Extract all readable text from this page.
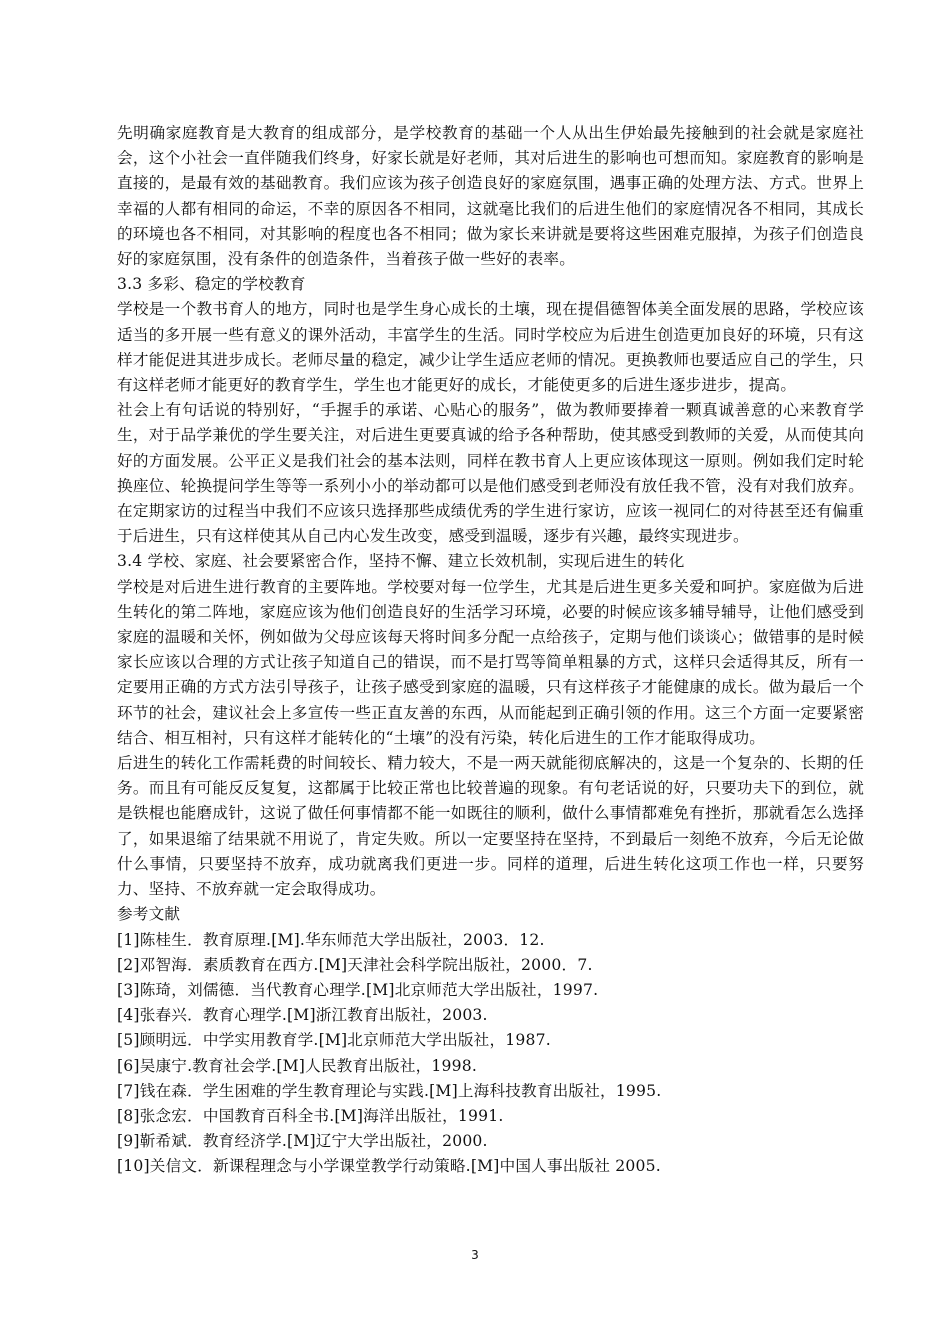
先明确家庭教育是大教育的组成部分，是学校教育的基础一个人从出生伊始最先接触到的社会就是家庭社会，这个小社会一直伴随我们终身，好家长就是好老师，其对后进生的影响也可想而知。家庭教育的影响是直接的，是最有效的基础教育。我们应该为孩子创造良好的家庭氛围，遇事正确的处理方法、方式。世界上幸福的人都有相同的命运，不幸的原因各不相同，这就毫比我们的后进生他们的家庭情况各不相同，其成长的环境也各不相同，对其影响的程度也各不相同；做为家长来讲就是要将这些困难克服掉，为孩子们创造良好的家庭氛围，没有条件的创造条件，当着孩子做一些好的表率。

3.3 多彩、稳定的学校教育

学校是一个教书育人的地方，同时也是学生身心成长的土壤，现在提倡德智体美全面发展的思路，学校应该适当的多开展一些有意义的课外活动，丰富学生的生活。同时学校应为后进生创造更加良好的环境，只有这样才能促进其进步成长。老师尽量的稳定，减少让学生适应老师的情况。更换教师也要适应自己的学生，只有这样老师才能更好的教育学生，学生也才能更好的成长，才能使更多的后进生逐步进步，提高。

社会上有句话说的特别好，“手握手的承诺、心贴心的服务”，做为教师要捧着一颗真诚善意的心来教育学生，对于品学兼优的学生要关注，对后进生更要真诚的给予各种帮助，使其感受到教师的关爱，从而使其向好的方面发展。公平正义是我们社会的基本法则，同样在教书育人上更应该体现这一原则。例如我们定时轮换座位、轮换提问学生等等一系列小小的举动都可以是他们感受到老师没有放任我不管，没有对我们放弃。在定期家访的过程当中我们不应该只选择那些成绩优秀的学生进行家访，应该一视同仁的对待甚至还有偏重于后进生，只有这样使其从自己内心发生改变，感受到温暖，逐步有兴趣，最终实现进步。

3.4 学校、家庭、社会要紧密合作，坚持不懈、建立长效机制，实现后进生的转化

学校是对后进生进行教育的主要阵地。学校要对每一位学生，尤其是后进生更多关爱和呵护。家庭做为后进生转化的第二阵地，家庭应该为他们创造良好的生活学习环境，必要的时候应该多辅导辅导，让他们感受到家庭的温暖和关怀，例如做为父母应该每天将时间多分配一点给孩子，定期与他们谈谈心；做错事的是时候家长应该以合理的方式让孩子知道自己的错误，而不是打骂等简单粗暴的方式，这样只会适得其反，所有一定要用正确的方式方法引导孩子，让孩子感受到家庭的温暖，只有这样孩子才能健康的成长。做为最后一个环节的社会，建议社会上多宣传一些正直友善的东西，从而能起到正确引领的作用。这三个方面一定要紧密结合、相互相衬，只有这样才能转化的“土壤”的没有污染，转化后进生的工作才能取得成功。

后进生的转化工作需耗费的时间较长、精力较大，不是一两天就能彻底解决的，这是一个复杂的、长期的任务。而且有可能反反复复，这都属于比较正常也比较普遍的现象。有句老话说的好，只要功夫下的到位，就是铁棍也能磨成针，这说了做任何事情都不能一如既往的顺利，做什么事情都难免有挫折，那就看怎么选择了，如果退缩了结果就不用说了，肯定失败。所以一定要坚持在坚持，不到最后一刻绝不放弃，今后无论做什么事情，只要坚持不放弃，成功就离我们更进一步。同样的道理，后进生转化这项工作也一样，只要努力、坚持、不放弃就一定会取得成功。

参考文献

[1]陈桂生．教育原理.[M].华东师范大学出版社，2003．12.

[2]邓智海．素质教育在西方.[M]天津社会科学院出版社，2000．7.

[3]陈琦，刘儒德．当代教育心理学.[M]北京师范大学出版社，1997.

[4]张春兴．教育心理学.[M]浙江教育出版社，2003.

[5]顾明远．中学实用教育学.[M]北京师范大学出版社，1987.

[6]吴康宁.教育社会学.[M]人民教育出版社，1998.

[7]钱在森．学生困难的学生教育理论与实践.[M]上海科技教育出版社，1995.

[8]张念宏．中国教育百科全书.[M]海洋出版社，1991.

[9]靳希斌．教育经济学.[M]辽宁大学出版社，2000.

[10]关信文．新课程理念与小学课堂教学行动策略.[M]中国人事出版社 2005.

3
